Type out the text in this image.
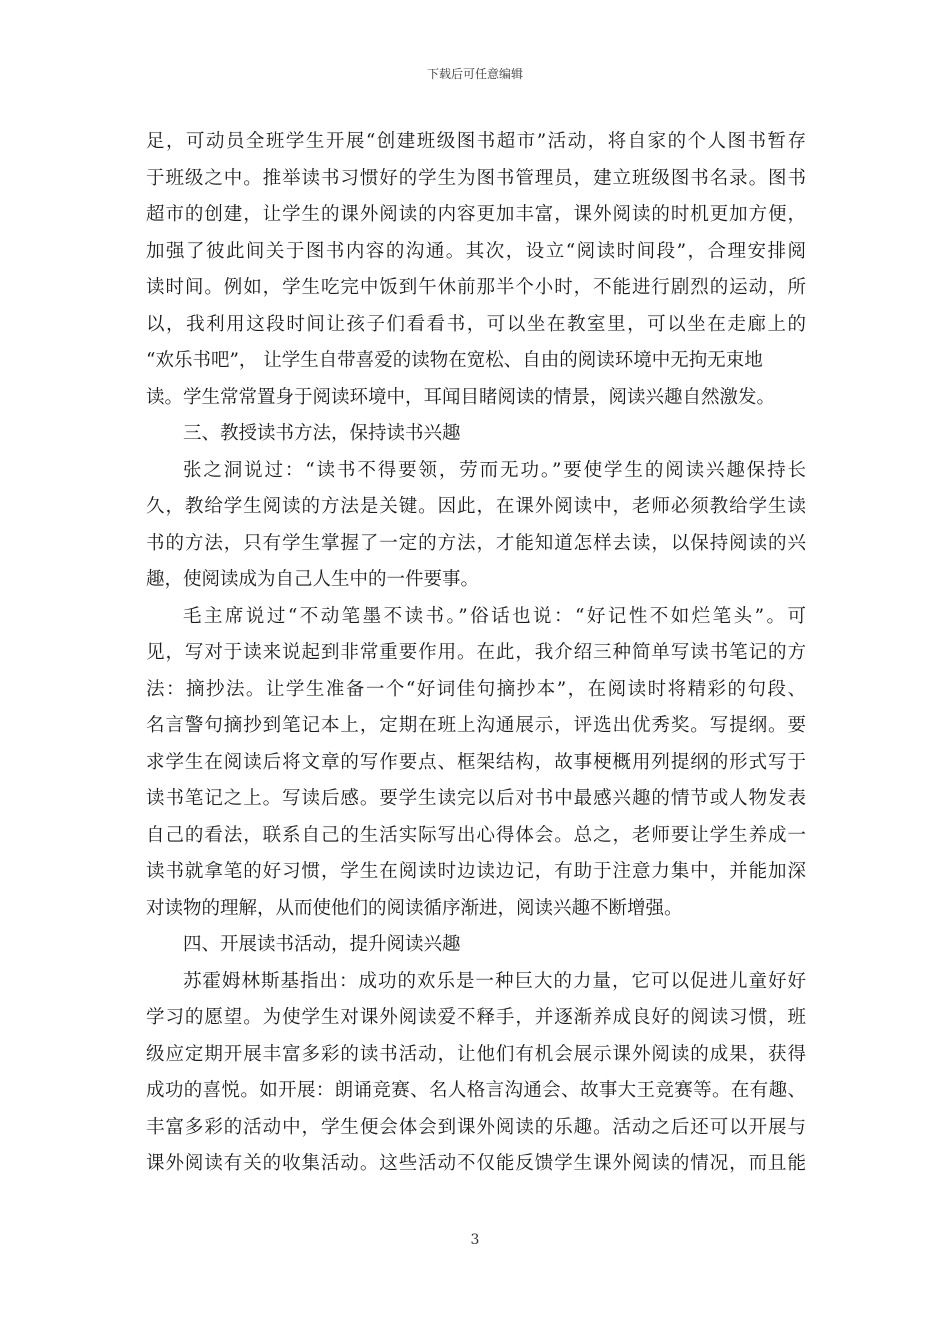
下载后可任意编辑
足，可动员全班学生开展“创建班级图书超市”活动，将自家的个人图书暂存
于班级之中。推举读书习惯好的学生为图书管理员，建立班级图书名录。图书
超市的创建，让学生的课外阅读的内容更加丰富，课外阅读的时机更加方便，
加强了彼此间关于图书内容的沟通。其次，设立“阅读时间段”，合理安排阅
读时间。例如，学生吃完中饭到午休前那半个小时，不能进行剧烈的运动，所
以，我利用这段时间让孩子们看看书，可以坐在教室里，可以坐在走廊上的
“欢乐书吧”， 让学生自带喜爱的读物在宽松、自由的阅读环境中无拘无束地
读。学生常常置身于阅读环境中，耳闻目睹阅读的情景，阅读兴趣自然激发。
三、教授读书方法，保持读书兴趣
张之洞说过：“读书不得要领，劳而无功。”要使学生的阅读兴趣保持长
久，教给学生阅读的方法是关键。因此，在课外阅读中，老师必须教给学生读
书的方法，只有学生掌握了一定的方法，才能知道怎样去读，以保持阅读的兴
趣，使阅读成为自己人生中的一件要事。
毛主席说过“不动笔墨不读书。”俗话也说：“好记性不如烂笔头”。可
见，写对于读来说起到非常重要作用。在此，我介绍三种简单写读书笔记的方
法：摘抄法。让学生准备一个“好词佳句摘抄本”，在阅读时将精彩的句段、
名言警句摘抄到笔记本上，定期在班上沟通展示，评选出优秀奖。写提纲。要
求学生在阅读后将文章的写作要点、框架结构，故事梗概用列提纲的形式写于
读书笔记之上。写读后感。要学生读完以后对书中最感兴趣的情节或人物发表
自己的看法，联系自己的生活实际写出心得体会。总之，老师要让学生养成一
读书就拿笔的好习惯，学生在阅读时边读边记，有助于注意力集中，并能加深
对读物的理解，从而使他们的阅读循序渐进，阅读兴趣不断增强。
四、开展读书活动，提升阅读兴趣
苏霍姆林斯基指出：成功的欢乐是一种巨大的力量，它可以促进儿童好好
学习的愿望。为使学生对课外阅读爱不释手，并逐渐养成良好的阅读习惯，班
级应定期开展丰富多彩的读书活动，让他们有机会展示课外阅读的成果，获得
成功的喜悦。如开展：朗诵竞赛、名人格言沟通会、故事大王竞赛等。在有趣、
丰富多彩的活动中，学生便会体会到课外阅读的乐趣。活动之后还可以开展与
课外阅读有关的收集活动。这些活动不仅能反馈学生课外阅读的情况，而且能
3
